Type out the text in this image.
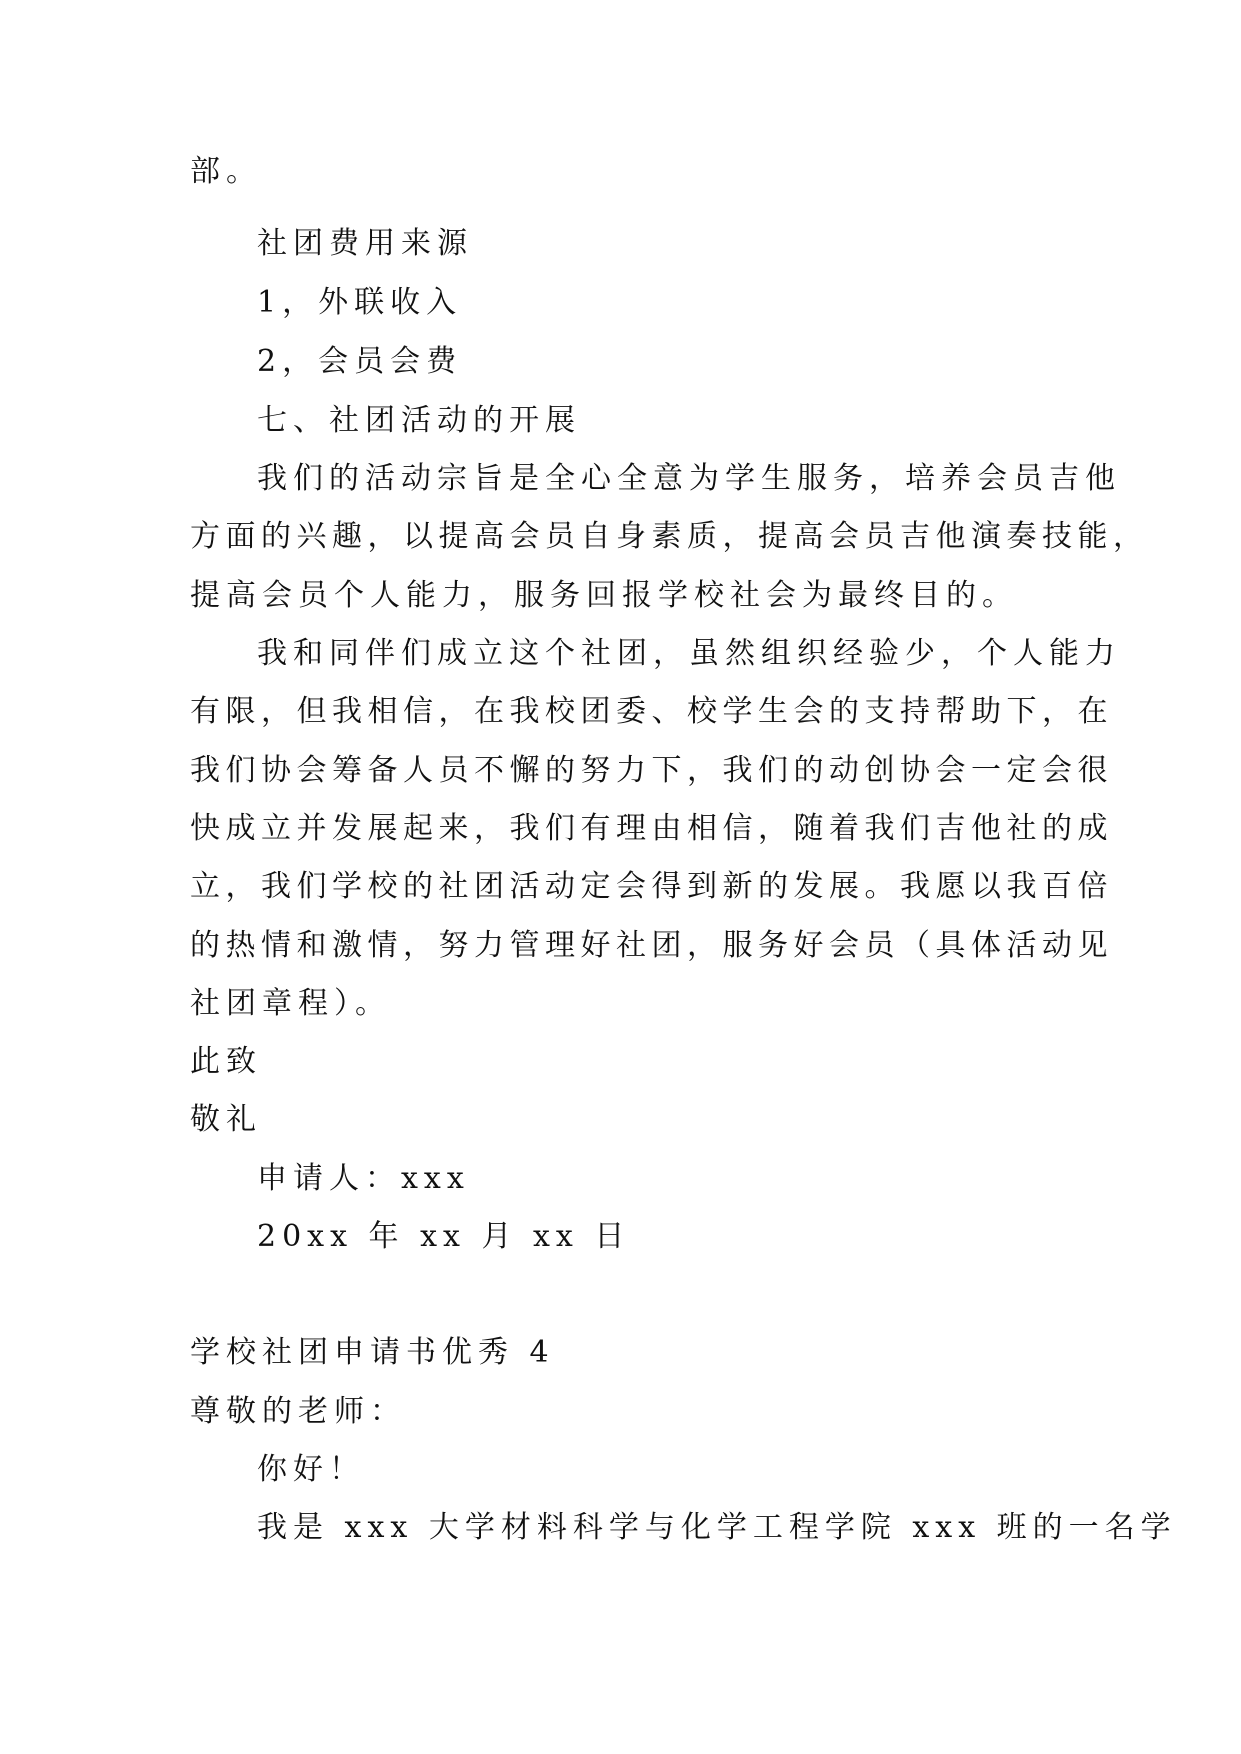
部。

社团费用来源

1，外联收入

2，会员会费

七、社团活动的开展

我们的活动宗旨是全心全意为学生服务，培养会员吉他

方面的兴趣，以提高会员自身素质，提高会员吉他演奏技能，

提高会员个人能力，服务回报学校社会为最终目的。

我和同伴们成立这个社团，虽然组织经验少，个人能力

有限，但我相信，在我校团委、校学生会的支持帮助下，在

我们协会筹备人员不懈的努力下，我们的动创协会一定会很

快成立并发展起来，我们有理由相信，随着我们吉他社的成

立，我们学校的社团活动定会得到新的发展。我愿以我百倍

的热情和激情，努力管理好社团，服务好会员（具体活动见

社团章程）。

此致

敬礼

申请人：xxx

20xx 年 xx 月 xx 日

学校社团申请书优秀 4

尊敬的老师：

你好！

我是 xxx 大学材料科学与化学工程学院 xxx 班的一名学
